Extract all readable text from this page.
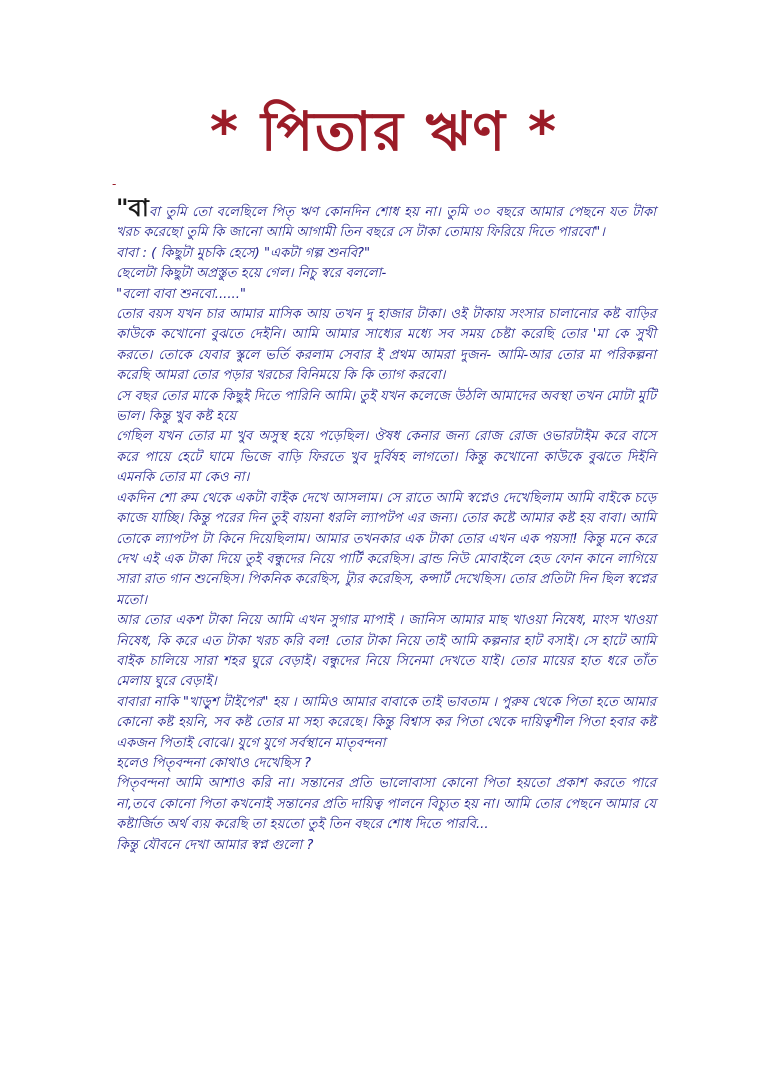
* পিতার ঋণ *
-

"বাবা তুমি তো বলেছিলে পিতৃ ঋণ কোনদিন শোধ হয় না। তুমি ৩০ বছরে আমার পেছনে যত টাকা খরচ করেছো তুমি কি জানো আমি আগামী তিন বছরে সে টাকা তোমায় ফিরিয়ে দিতে পারবো"।

বাবা : ( কিছুটা মুচকি হেসে) "একটা গল্প শুনবি?"

ছেলেটা কিছুটা অপ্রস্তুত হয়ে গেল। নিচু স্বরে বললো-

"বলো বাবা শুনবো......"

তোর বয়স যখন চার আমার মাসিক আয় তখন দু হাজার টাকা। ওই টাকায় সংসার চালানোর কষ্ট বাড়ির কাউকে কখোনো বুঝতে দেইনি। আমি আমার সাধ্যের মধ্যে সব সময় চেষ্টা করেছি তোর 'মা কে সুখী করতে। তোকে যেবার স্কুলে ভর্তি করলাম সেবার ই প্রথম আমরা দুজন- আমি-আর তোর মা পরিকল্পনা করেছি আমরা তোর পড়ার খরচের বিনিময়ে কি কি ত্যাগ করবো।

সে বছর তোর মাকে কিছুই দিতে পারিনি আমি। তুই যখন কলেজে উঠলি আমাদের অবস্থা তখন মোটা মুটি ভাল। কিন্তু খুব কষ্ট হয়ে

গেছিল যখন তোর মা খুব অসুস্থ হয়ে পড়েছিল। ঔষধ কেনার জন্য রোজ রোজ ওভারটাইম করে বাসে করে পায়ে হেটে ঘামে ভিজে বাড়ি ফিরতে খুব দুর্বিষহ লাগতো। কিন্তু কখোনো কাউকে বুঝতে দিইনি এমনকি তোর মা কেও না।

একদিন শো রুম থেকে একটা বাইক দেখে আসলাম। সে রাতে আমি স্বপ্নেও দেখেছিলাম আমি বাইকে চড়ে কাজে যাচ্ছি। কিন্তু পরের দিন তুই বায়না ধরলি ল্যাপটপ এর জন্য। তোর কষ্টে আমার কষ্ট হয় বাবা। আমি তোকে ল্যাপটপ টা কিনে দিয়েছিলাম। আমার তখনকার এক টাকা তোর এখন এক পয়সা! কিন্তু মনে করে দেখ এই এক টাকা দিয়ে তুই বন্ধুদের নিয়ে পার্টি করেছিস। ব্রান্ড নিউ মোবাইলে হেড ফোন কানে লাগিয়ে সারা রাত গান শুনেছিস। পিকনিক করেছিস, ট্যুর করেছিস, কন্সার্ট দেখেছিস। তোর প্রতিটা দিন ছিল স্বপ্নের মতো।

আর তোর একশ টাকা নিয়ে আমি এখন সুগার মাপাই । জানিস আমার মাছ খাওয়া নিষেধ, মাংস খাওয়া নিষেধ, কি করে এত টাকা খরচ করি বল! তোর টাকা নিয়ে তাই আমি কল্পনার হাট বসাই। সে হাটে আমি বাইক চালিয়ে সারা শহর ঘুরে বেড়াই। বন্ধুদের নিয়ে সিনেমা দেখতে যাই। তোর মায়ের হাত ধরে তাঁত মেলায় ঘুরে বেড়াই।

বাবারা নাকি "খাড়ুশ টাইপের" হয় । আমিও আমার বাবাকে তাই ভাবতাম । পুরুষ থেকে পিতা হতে আমার কোনো কষ্ট হয়নি, সব কষ্ট তোর মা সহ্য করেছে। কিন্তু বিশ্বাস কর পিতা থেকে দায়িত্বশীল পিতা হবার কষ্ট একজন পিতাই বোঝে। যুগে যুগে সর্বস্থানে মাতৃবন্দনা

হলেও পিতৃবন্দনা কোথাও দেখেছিস ?

পিতৃবন্দনা আমি আশাও করি না। সন্তানের প্রতি ভালোবাসা কোনো পিতা হয়তো প্রকাশ করতে পারে না,তবে কোনো পিতা কখনোই সন্তানের প্রতি দায়িত্ব পালনে বিচ্যুত হয় না। আমি তোর পেছনে আমার যে কষ্টার্জিত অর্থ ব্যয় করেছি তা হয়তো তুই তিন বছরে শোধ দিতে পারবি...

কিন্তু যৌবনে দেখা আমার স্বপ্ন গুলো ?
